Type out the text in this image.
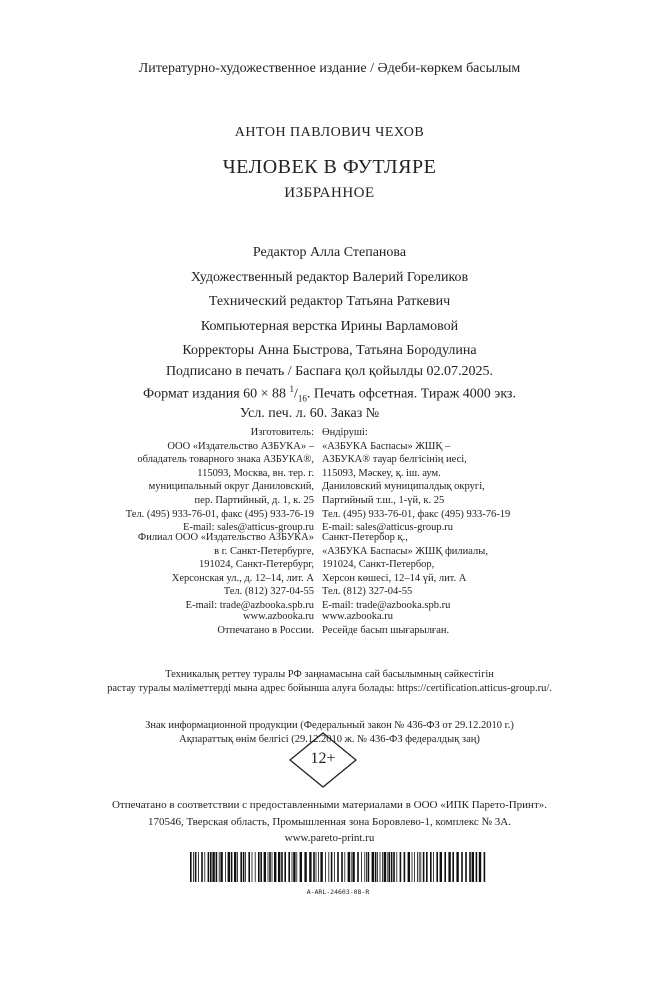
Литературно-художественное издание / Әдеби-көркем басылым
АНТОН ПАВЛОВИЧ ЧЕХОВ
ЧЕЛОВЕК В ФУТЛЯРЕ
ИЗБРАННОЕ
Редактор Алла Степанова
Художественный редактор Валерий Гореликов
Технический редактор Татьяна Раткевич
Компьютерная верстка Ирины Варламовой
Корректоры Анна Быстрова, Татьяна Бородулина
Подписано в печать / Баспаға қол қойылды 02.07.2025.
Формат издания 60 × 88 $^1/_{16}$. Печать офсетная. Тираж 4000 экз.
Усл. печ. л. 60. Заказ №
Изготовитель:
ООО «Издательство АЗБУКА» –
обладатель товарного знака АЗБУКА®,
115093, Москва, вн. тер. г.
муниципальный округ Даниловский,
пер. Партийный, д. 1, к. 25
Тел. (495) 933-76-01, факс (495) 933-76-19
E-mail: sales@atticus-group.ru
Өндіруші:
«АЗБУКА Баспасы» ЖШҚ –
АЗБУКА® тауар белгісінің иесі,
115093, Мәскеу, қ. іш. аум.
Даниловский муниципалдық округі,
Партийный т.ш., 1-үй, к. 25
Тел. (495) 933-76-01, факс (495) 933-76-19
E-mail: sales@atticus-group.ru
Филиал ООО «Издательство АЗБУКА»
в г. Санкт-Петербурге,
191024, Санкт-Петербург,
Херсонская ул., д. 12–14, лит. А
Тел. (812) 327-04-55
E-mail: trade@azbooka.spb.ru
Санкт-Петербор қ.,
«АЗБУКА Баспасы» ЖШҚ филиалы,
191024, Санкт-Петербор,
Херсон көшесі, 12–14 үй, лит. А
Тел. (812) 327-04-55
E-mail: trade@azbooka.spb.ru
www.azbooka.ru
Отпечатано в России.
www.azbooka.ru
Ресейде басып шығарылған.
Техникалық реттеу туралы РФ заңнамасына сай басылымның сәйкестігін
растау туралы мәліметтерді мына адрес бойынша алуға болады: https://certification.atticus-group.ru/.
Знак информационной продукции (Федеральный закон № 436-ФЗ от 29.12.2010 г.)
Ақпараттық өнім белгісі (29.12.2010 ж. № 436-ФЗ федералдық заң)
12+
Отпечатано в соответствии с предоставленными материалами в ООО «ИПК Парето-Принт».
170546, Тверская область, Промышленная зона Боровлево-1, комплекс № 3А.
www.pareto-print.ru
A-ARL-24603-08-R
